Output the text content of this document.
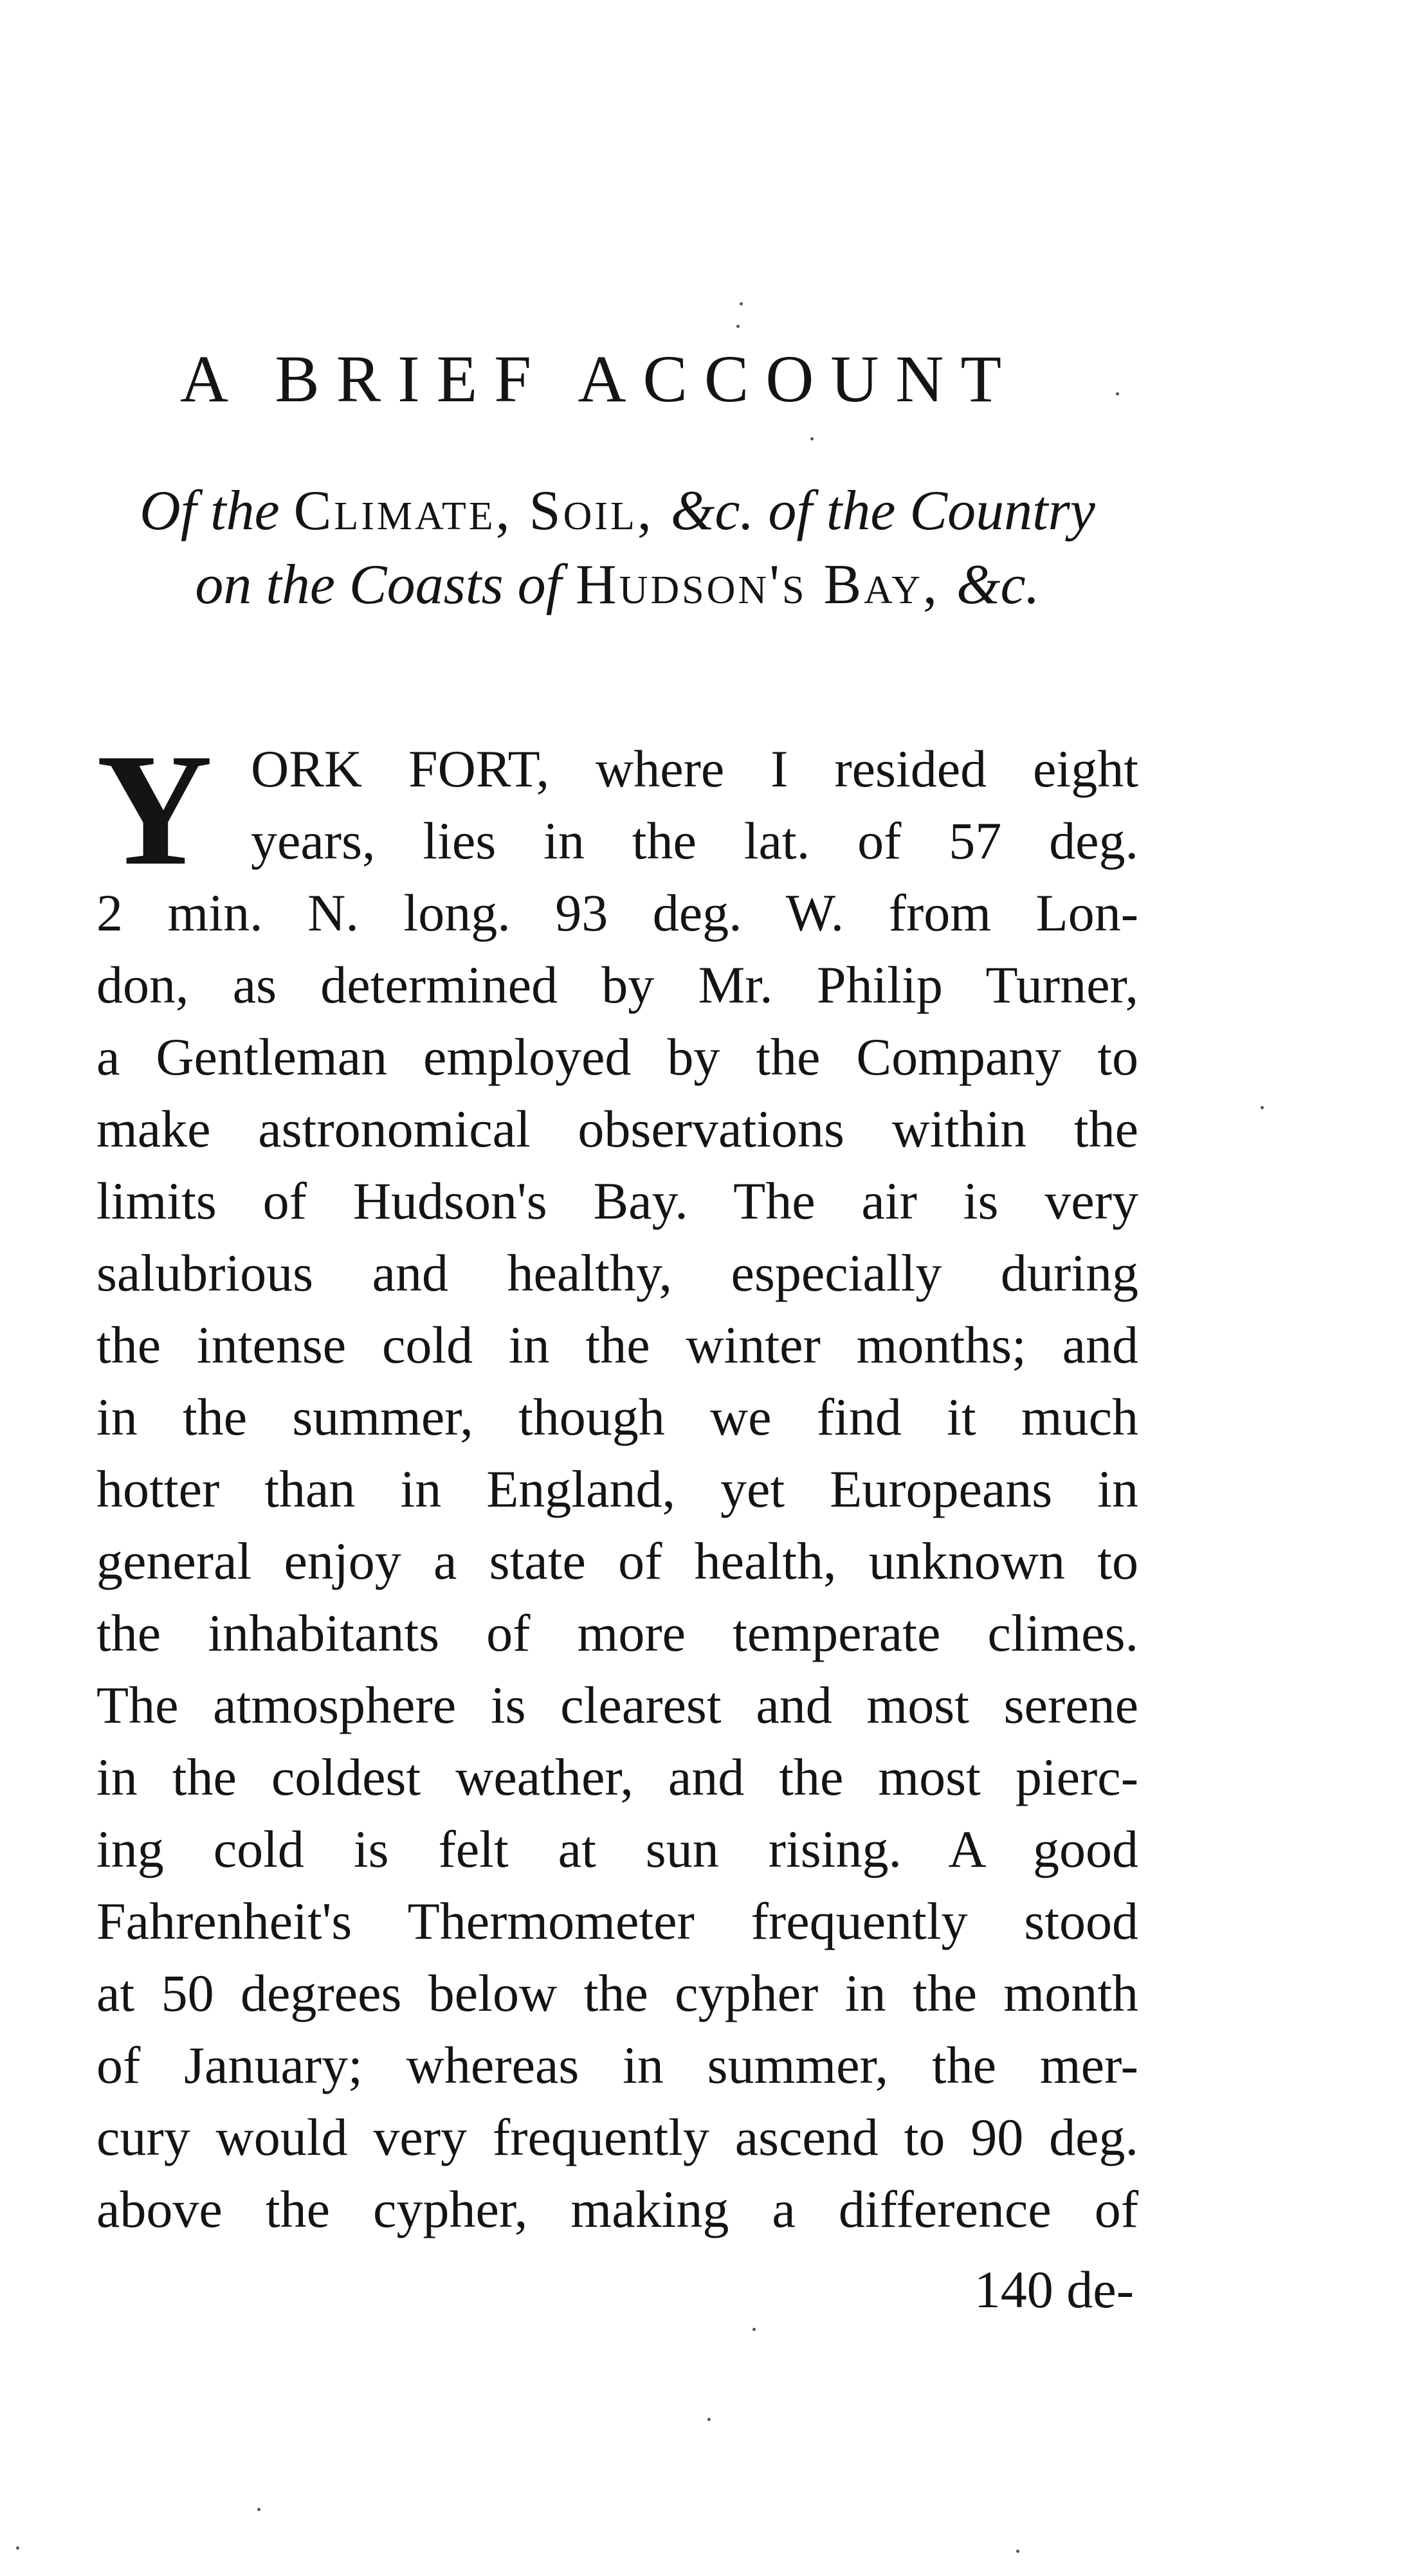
A BRIEF ACCOUNT
Of the Climate, Soil, &c. of the Country
on the Coasts of Hudson's Bay, &c.
Y ORK FORT, where I resided eight
years, lies in the lat. of 57 deg.
2 min. N. long. 93 deg. W. from Lon-
don, as determined by Mr. Philip Turner,
a Gentleman employed by the Company to
make astronomical observations within the
limits of Hudson's Bay. The air is very
salubrious and healthy, especially during
the intense cold in the winter months; and
in the summer, though we find it much
hotter than in England, yet Europeans in
general enjoy a state of health, unknown to
the inhabitants of more temperate climes.
The atmosphere is clearest and most serene
in the coldest weather, and the most pierc-
ing cold is felt at sun rising. A good
Fahrenheit's Thermometer frequently stood
at 50 degrees below the cypher in the month
of January; whereas in summer, the mer-
cury would very frequently ascend to 90 deg.
above the cypher, making a difference of
140 de-
